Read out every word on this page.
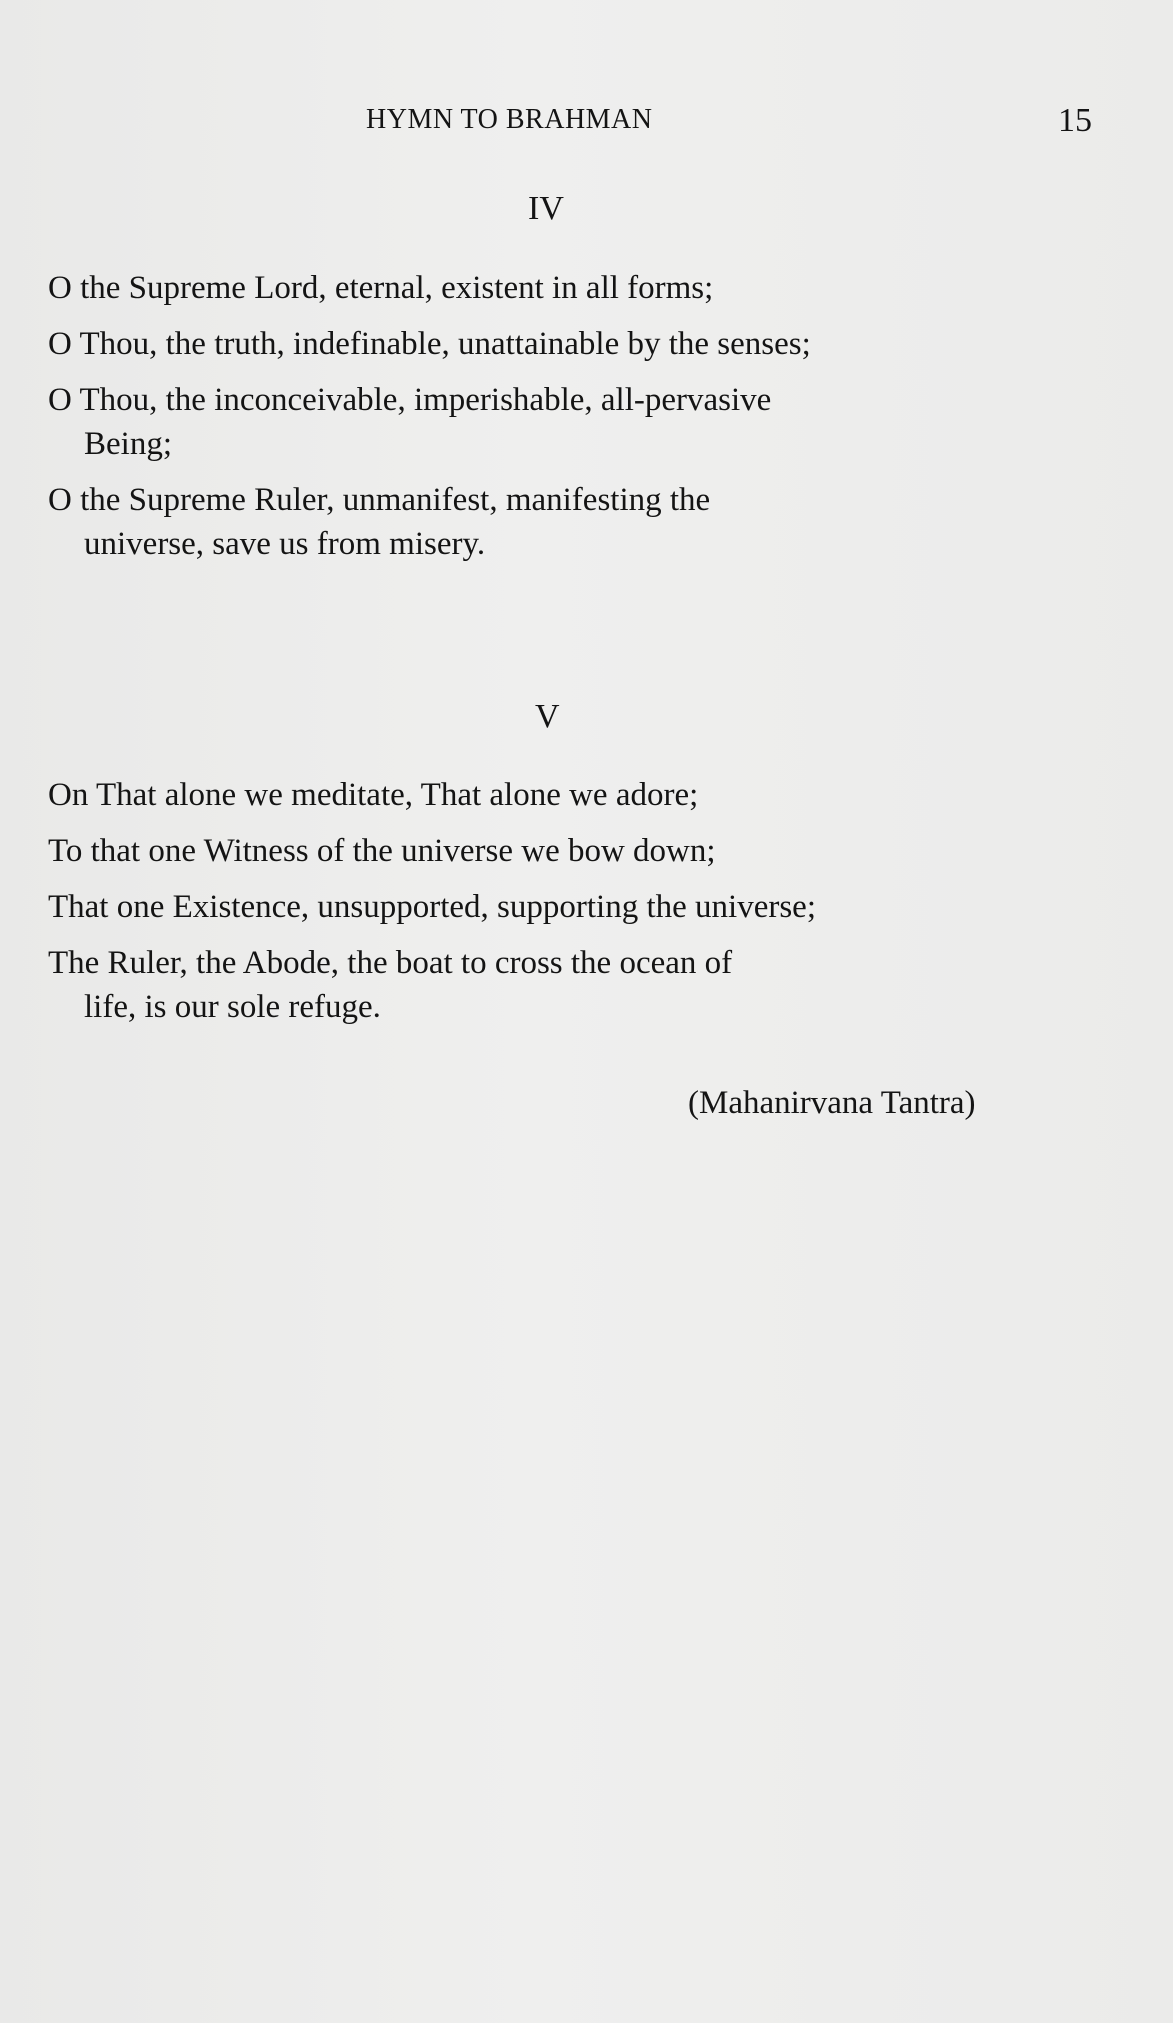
HYMN TO BRAHMAN	15
IV
O the Supreme Lord, eternal, existent in all forms;
O Thou, the truth, indefinable, unattainable by the senses;
O Thou, the inconceivable, imperishable, all-pervasive
Being;
O the Supreme Ruler, unmanifest, manifesting the
universe, save us from misery.
V
On That alone we meditate, That alone we adore;
To that one Witness of the universe we bow down;
That one Existence, unsupported, supporting the universe;
The Ruler, the Abode, the boat to cross the ocean of
life, is our sole refuge.
(Mahanirvana Tantra)
